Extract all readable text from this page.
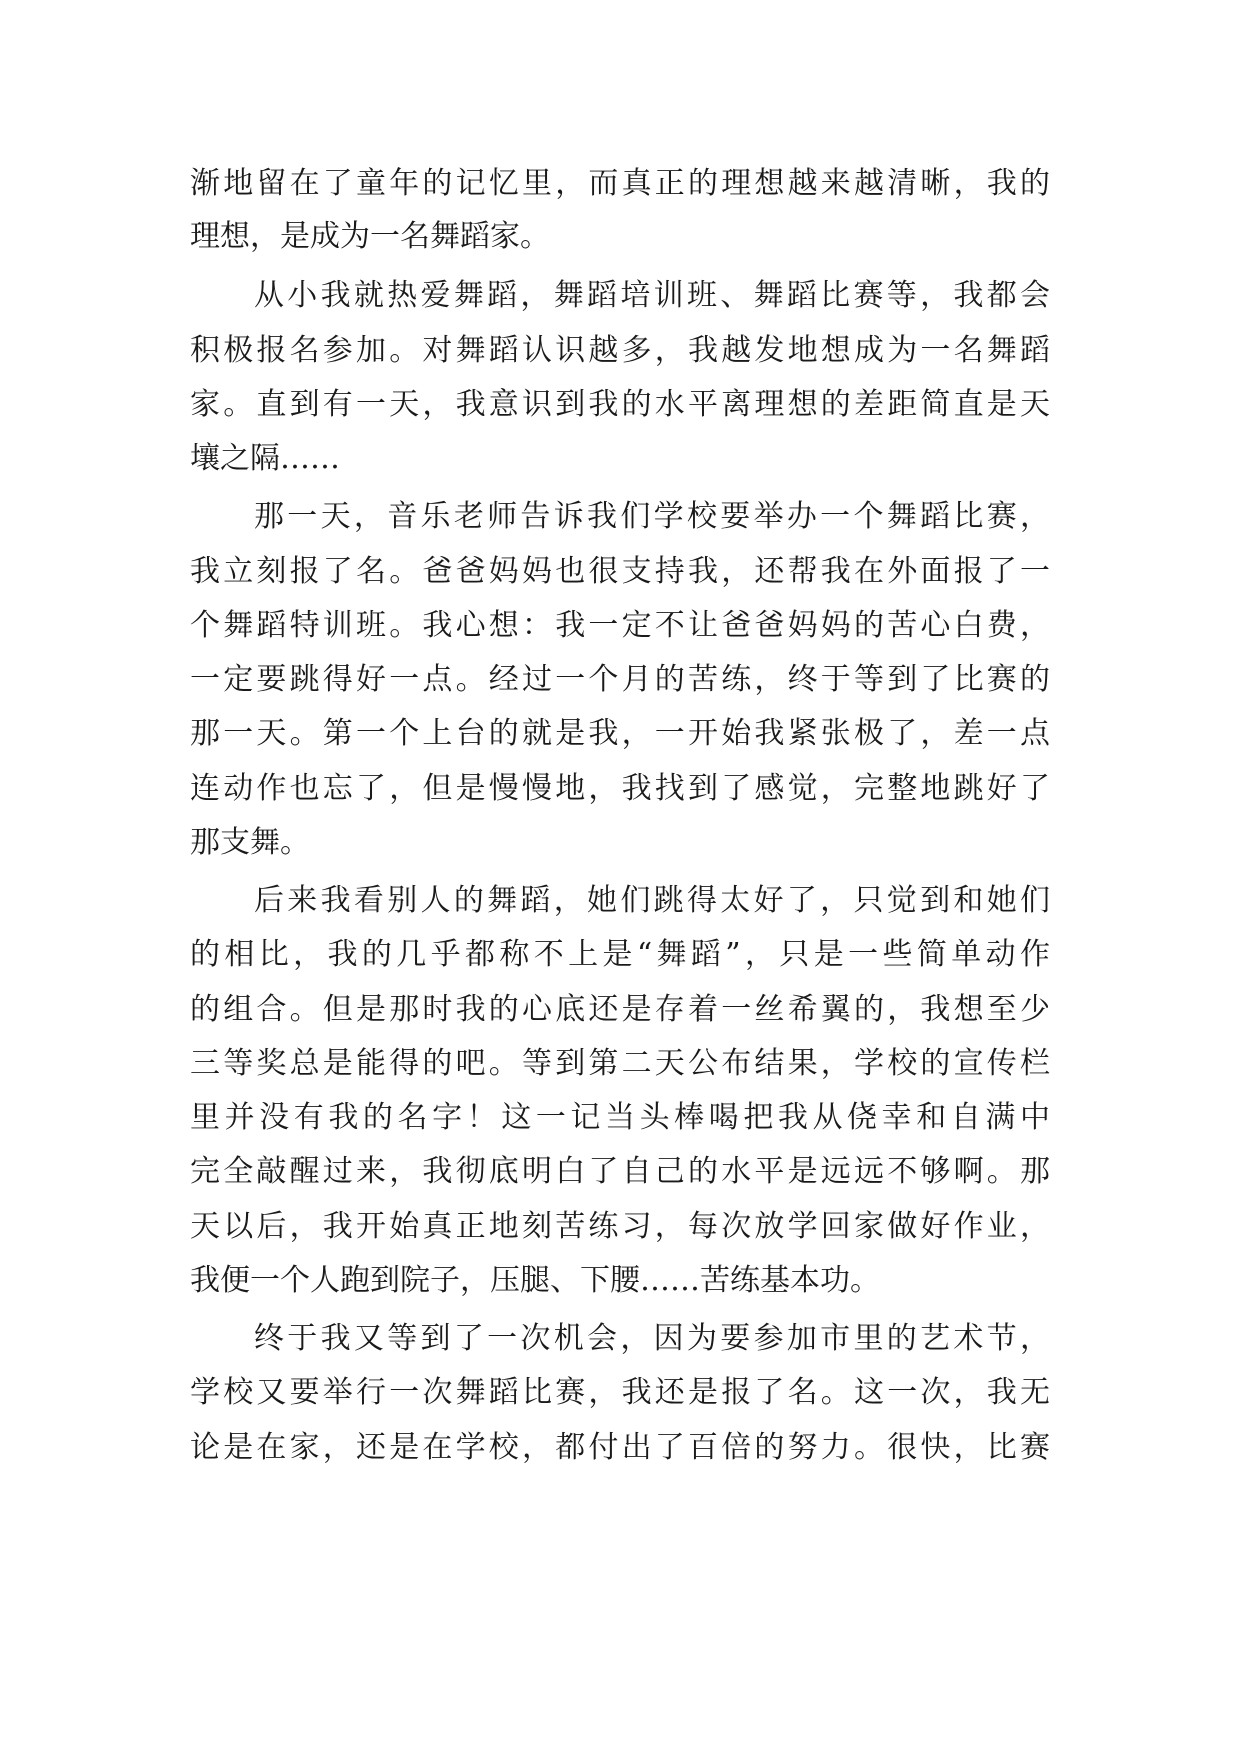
渐地留在了童年的记忆里，而真正的理想越来越清晰，我的
理想，是成为一名舞蹈家。
从小我就热爱舞蹈，舞蹈培训班、舞蹈比赛等，我都会
积极报名参加。对舞蹈认识越多，我越发地想成为一名舞蹈
家。直到有一天，我意识到我的水平离理想的差距简直是天
壤之隔……
那一天，音乐老师告诉我们学校要举办一个舞蹈比赛，
我立刻报了名。爸爸妈妈也很支持我，还帮我在外面报了一
个舞蹈特训班。我心想：我一定不让爸爸妈妈的苦心白费，
一定要跳得好一点。经过一个月的苦练，终于等到了比赛的
那一天。第一个上台的就是我，一开始我紧张极了，差一点
连动作也忘了，但是慢慢地，我找到了感觉，完整地跳好了
那支舞。
后来我看别人的舞蹈，她们跳得太好了，只觉到和她们
的相比，我的几乎都称不上是“舞蹈”，只是一些简单动作
的组合。但是那时我的心底还是存着一丝希翼的，我想至少
三等奖总是能得的吧。等到第二天公布结果，学校的宣传栏
里并没有我的名字！这一记当头棒喝把我从侥幸和自满中
完全敲醒过来，我彻底明白了自己的水平是远远不够啊。那
天以后，我开始真正地刻苦练习，每次放学回家做好作业，
我便一个人跑到院子，压腿、下腰……苦练基本功。
终于我又等到了一次机会，因为要参加市里的艺术节，
学校又要举行一次舞蹈比赛，我还是报了名。这一次，我无
论是在家，还是在学校，都付出了百倍的努力。很快，比赛
